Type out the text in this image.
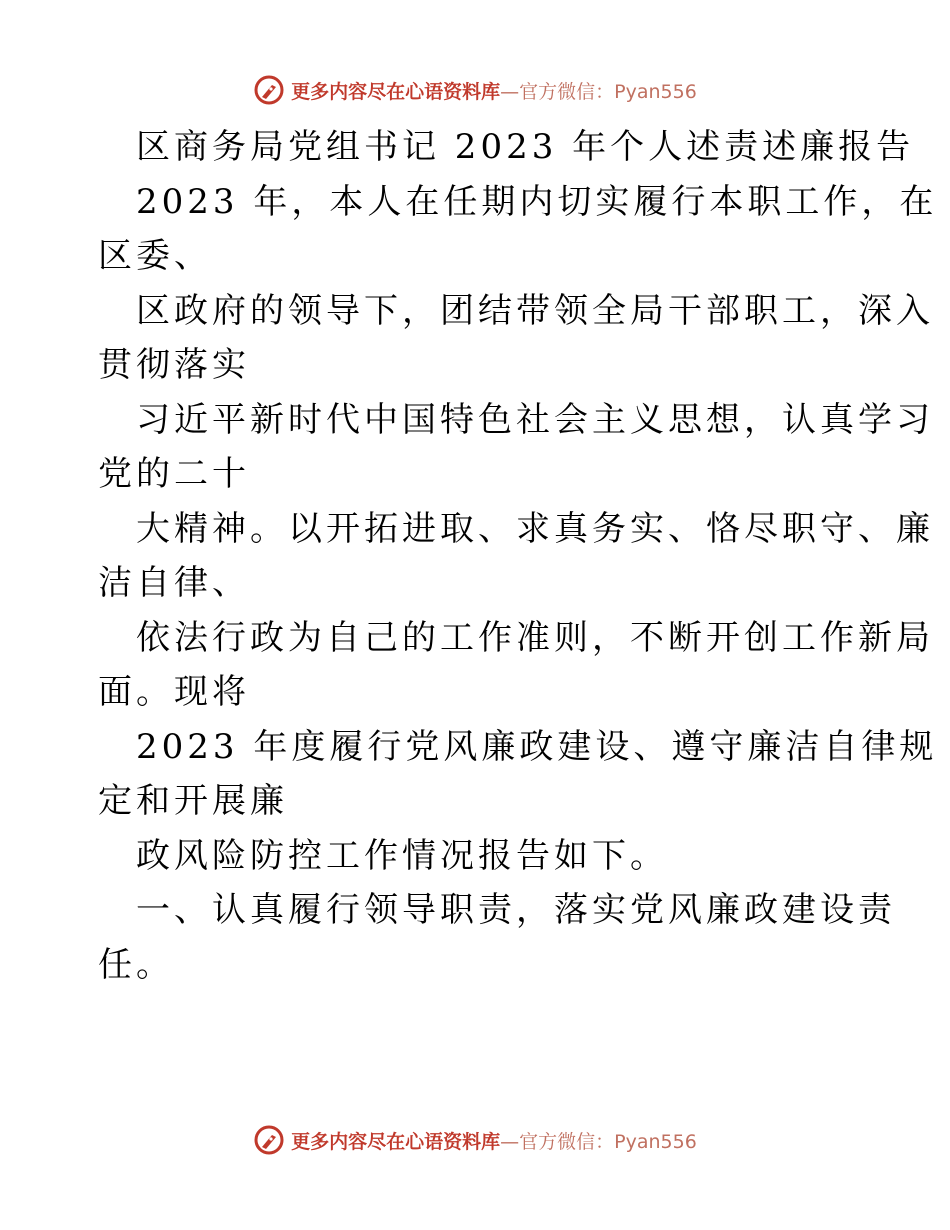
更多内容尽在心语资料库—官方微信：Pyan556
区商务局党组书记 2023 年个人述责述廉报告
2023 年，本人在任期内切实履行本职工作，在
区委、
区政府的领导下，团结带领全局干部职工，深入
贯彻落实
习近平新时代中国特色社会主义思想，认真学习
党的二十
大精神。以开拓进取、求真务实、恪尽职守、廉
洁自律、
依法行政为自己的工作准则，不断开创工作新局
面。现将
2023 年度履行党风廉政建设、遵守廉洁自律规
定和开展廉
政风险防控工作情况报告如下。
一、认真履行领导职责，落实党风廉政建设责
任。
更多内容尽在心语资料库—官方微信：Pyan556
